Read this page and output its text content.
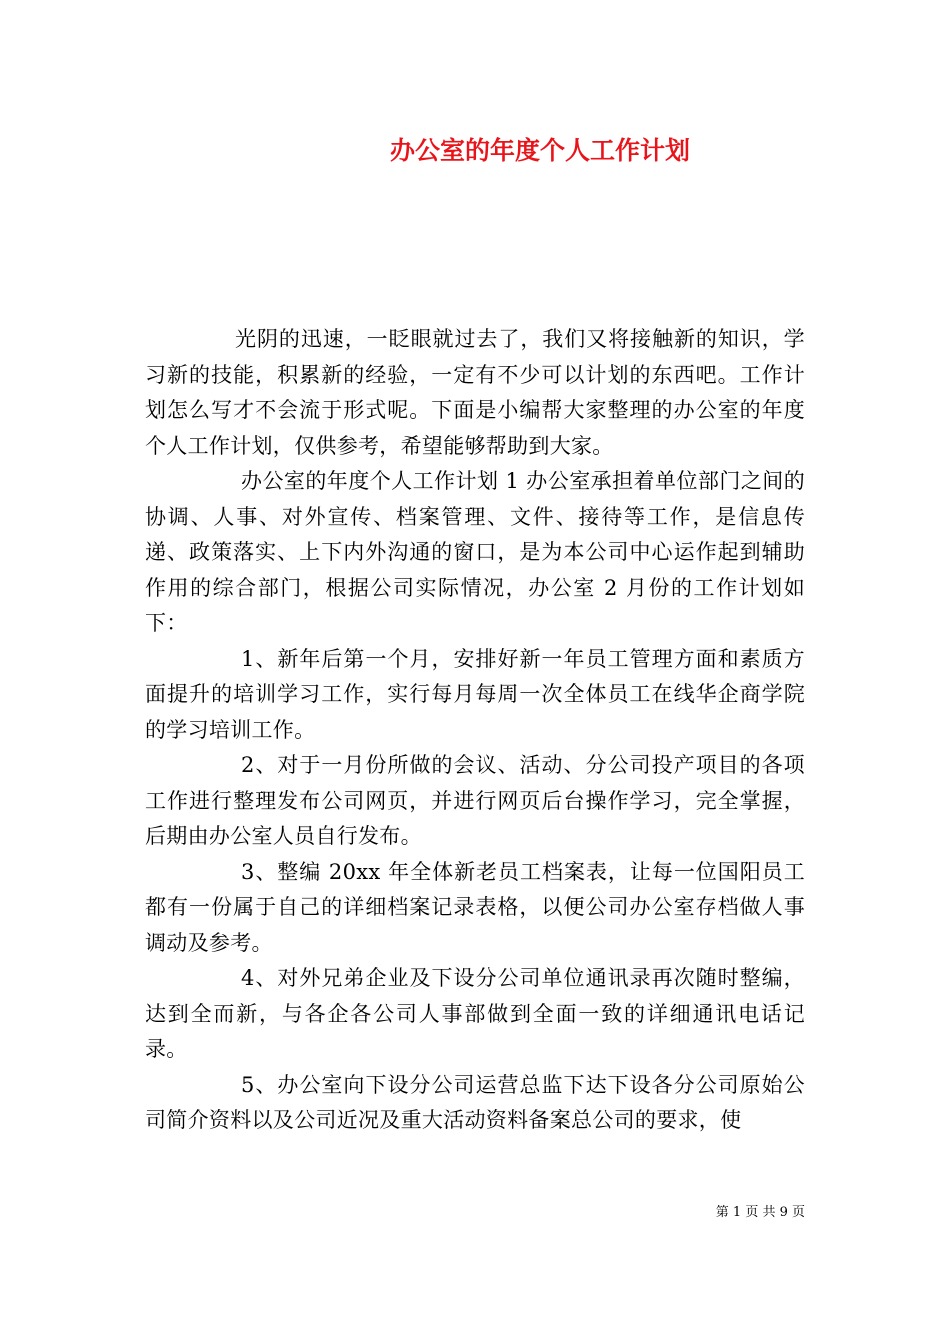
办公室的年度个人工作计划

光阴的迅速，一眨眼就过去了，我们又将接触新的知识，学习新的技能，积累新的经验，一定有不少可以计划的东西吧。工作计划怎么写才不会流于形式呢。下面是小编帮大家整理的办公室的年度个人工作计划，仅供参考，希望能够帮助到大家。

办公室的年度个人工作计划 1 办公室承担着单位部门之间的协调、人事、对外宣传、档案管理、文件、接待等工作，是信息传递、政策落实、上下内外沟通的窗口，是为本公司中心运作起到辅助作用的综合部门，根据公司实际情况，办公室 2 月份的工作计划如下：

1、新年后第一个月，安排好新一年员工管理方面和素质方面提升的培训学习工作，实行每月每周一次全体员工在线华企商学院的学习培训工作。

2、对于一月份所做的会议、活动、分公司投产项目的各项工作进行整理发布公司网页，并进行网页后台操作学习，完全掌握，后期由办公室人员自行发布。

3、整编 20xx 年全体新老员工档案表，让每一位国阳员工都有一份属于自己的详细档案记录表格，以便公司办公室存档做人事调动及参考。

4、对外兄弟企业及下设分公司单位通讯录再次随时整编，达到全而新，与各企各公司人事部做到全面一致的详细通讯电话记录。

5、办公室向下设分公司运营总监下达下设各分公司原始公司简介资料以及公司近况及重大活动资料备案总公司的要求，使

第 1 页 共 9 页
